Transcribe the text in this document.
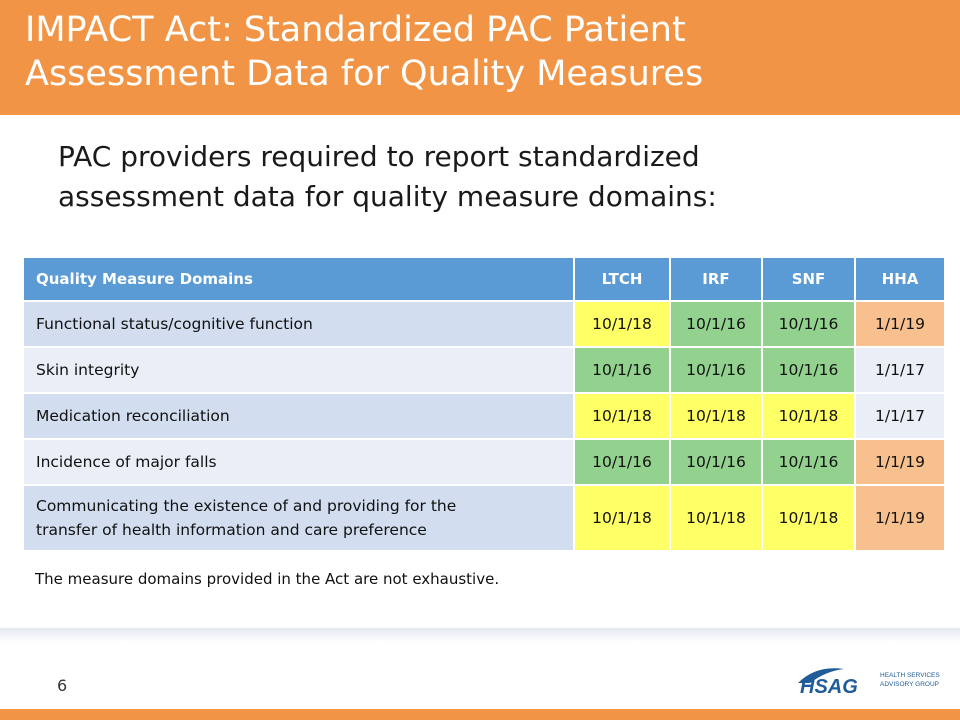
IMPACT Act: Standardized PAC Patient
Assessment Data for Quality Measures
PAC providers required to report standardized
assessment data for quality measure domains:
Quality Measure Domains	LTCH	IRF	SNF	HHA
Functional status/cognitive function	10/1/18	10/1/16	10/1/16	1/1/19
Skin integrity	10/1/16	10/1/16	10/1/16	1/1/17
Medication reconciliation	10/1/18	10/1/18	10/1/18	1/1/17
Incidence of major falls	10/1/16	10/1/16	10/1/16	1/1/19

Communicating the existence of and providing for the
transfer of health information and care preference	10/1/18	10/1/18	10/1/18	1/1/19
The measure domains provided in the Act are not exhaustive.
6	HSAG
HEALTH SERVICES
ADVISORY GROUP
